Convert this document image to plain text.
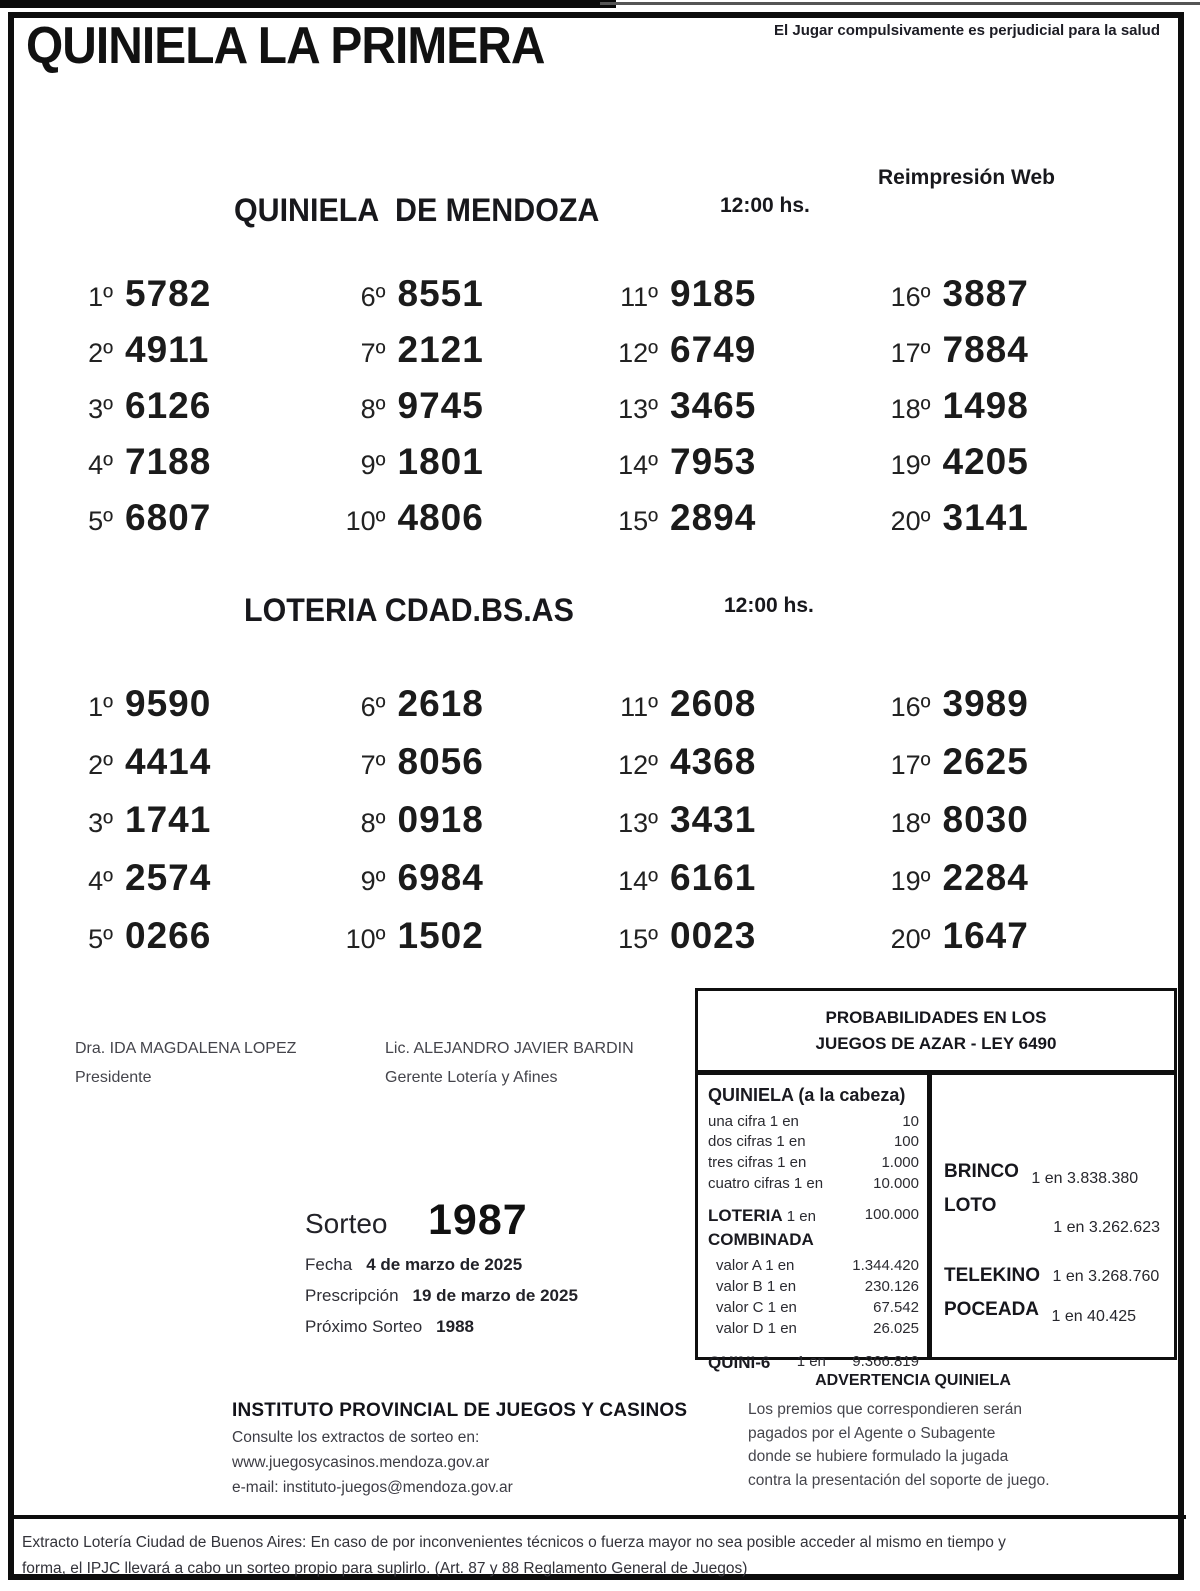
QUINIELA LA PRIMERA	El Jugar compulsivamente es perjudicial para la salud
Reimpresión Web
QUINIELA  DE MENDOZA	12:00 hs.
1º 5782
2º 4911
3º 6126
4º 7188
5º 6807
6º 8551
7º 2121
8º 9745
9º 1801
10º 4806
11º 9185
12º 6749
13º 3465
14º 7953
15º 2894
16º 3887
17º 7884
18º 1498
19º 4205
20º 3141
LOTERIA CDAD.BS.AS	12:00 hs.
1º 9590
2º 4414
3º 1741
4º 2574
5º 0266
6º 2618
7º 8056
8º 0918
9º 6984
10º 1502
11º 2608
12º 4368
13º 3431
14º 6161
15º 0023
16º 3989
17º 2625
18º 8030
19º 2284
20º 1647
Dra. IDA MAGDALENA LOPEZ
Presidente
Lic. ALEJANDRO JAVIER BARDIN
Gerente Lotería y Afines
PROBABILIDADES EN LOS
JUEGOS DE AZAR - LEY 6490
QUINIELA (a la cabeza)
una cifra 1 en	10
dos cifras 1 en	100
tres cifras 1 en	1.000
cuatro cifras 1 en	10.000
LOTERIA 1 en	100.000
COMBINADA
valor A 1 en	1.344.420
valor B 1 en	230.126
valor C 1 en	67.542
valor D 1 en	26.025
QUINI-6 1 en 9.366.819
BRINCO 1 en 3.838.380
LOTO
1 en 3.262.623
TELEKINO 1 en 3.268.760
POCEADA 1 en 40.425
Sorteo 1987
Fecha 4 de marzo de 2025
Prescripción 19 de marzo de 2025
Próximo Sorteo 1988
INSTITUTO PROVINCIAL DE JUEGOS Y CASINOS
Consulte los extractos de sorteo en:
www.juegosycasinos.mendoza.gov.ar
e-mail: instituto-juegos@mendoza.gov.ar
ADVERTENCIA QUINIELA
Los premios que correspondieren serán
pagados por el Agente o Subagente
donde se hubiere formulado la jugada
contra la presentación del soporte de juego.
Extracto Lotería Ciudad de Buenos Aires: En caso de por inconvenientes técnicos o fuerza mayor no sea posible acceder al mismo en tiempo y
forma, el IPJC llevará a cabo un sorteo propio para suplirlo. (Art. 87 y 88 Reglamento General de Juegos)
